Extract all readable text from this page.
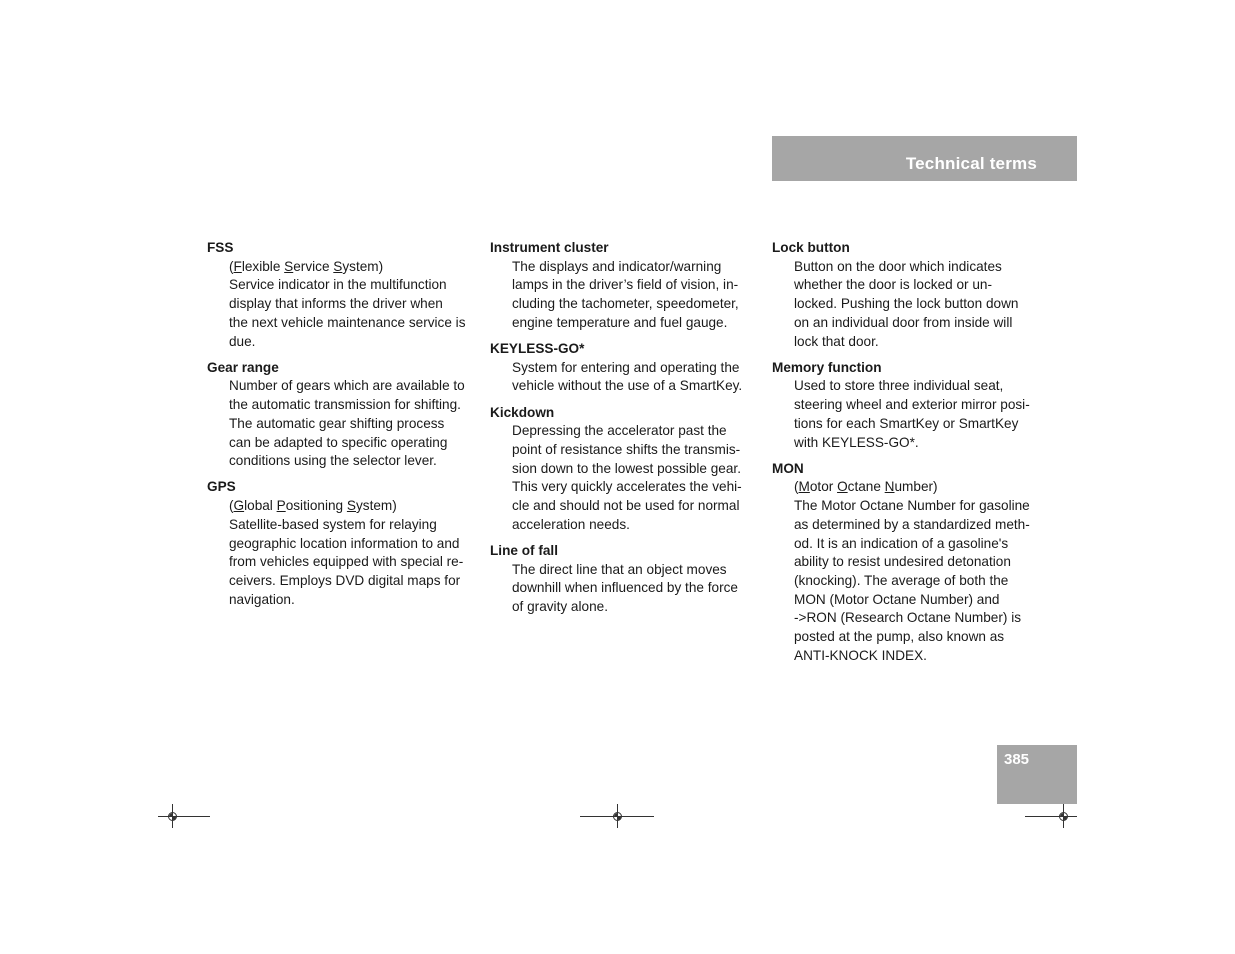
Technical terms

FSS

(Flexible Service System)

Service indicator in the multifunction

display that informs the driver when

the next vehicle maintenance service is

due.

Gear range

Number of gears which are available to

the automatic transmission for shifting.

The automatic gear shifting process

can be adapted to specific operating

conditions using the selector lever.

GPS

(Global Positioning System)

Satellite-based system for relaying

geographic location information to and

from vehicles equipped with special re-

ceivers. Employs DVD digital maps for

navigation.

Instrument cluster

The displays and indicator/warning

lamps in the driver’s field of vision, in-

cluding the tachometer, speedometer,

engine temperature and fuel gauge.

KEYLESS-GO*

System for entering and operating the

vehicle without the use of a SmartKey.

Kickdown

Depressing the accelerator past the

point of resistance shifts the transmis-

sion down to the lowest possible gear.

This very quickly accelerates the vehi-

cle and should not be used for normal

acceleration needs.

Line of fall

The direct line that an object moves

downhill when influenced by the force

of gravity alone.

Lock button

Button on the door which indicates

whether the door is locked or un-

locked. Pushing the lock button down

on an individual door from inside will

lock that door.

Memory function

Used to store three individual seat,

steering wheel and exterior mirror posi-

tions for each SmartKey or SmartKey

with KEYLESS-GO*.

MON

(Motor Octane Number)

The Motor Octane Number for gasoline

as determined by a standardized meth-

od. It is an indication of a gasoline's

ability to resist undesired detonation

(knocking). The average of both the

MON (Motor Octane Number) and

->RON (Research Octane Number) is

posted at the pump, also known as

ANTI-KNOCK INDEX.

385
